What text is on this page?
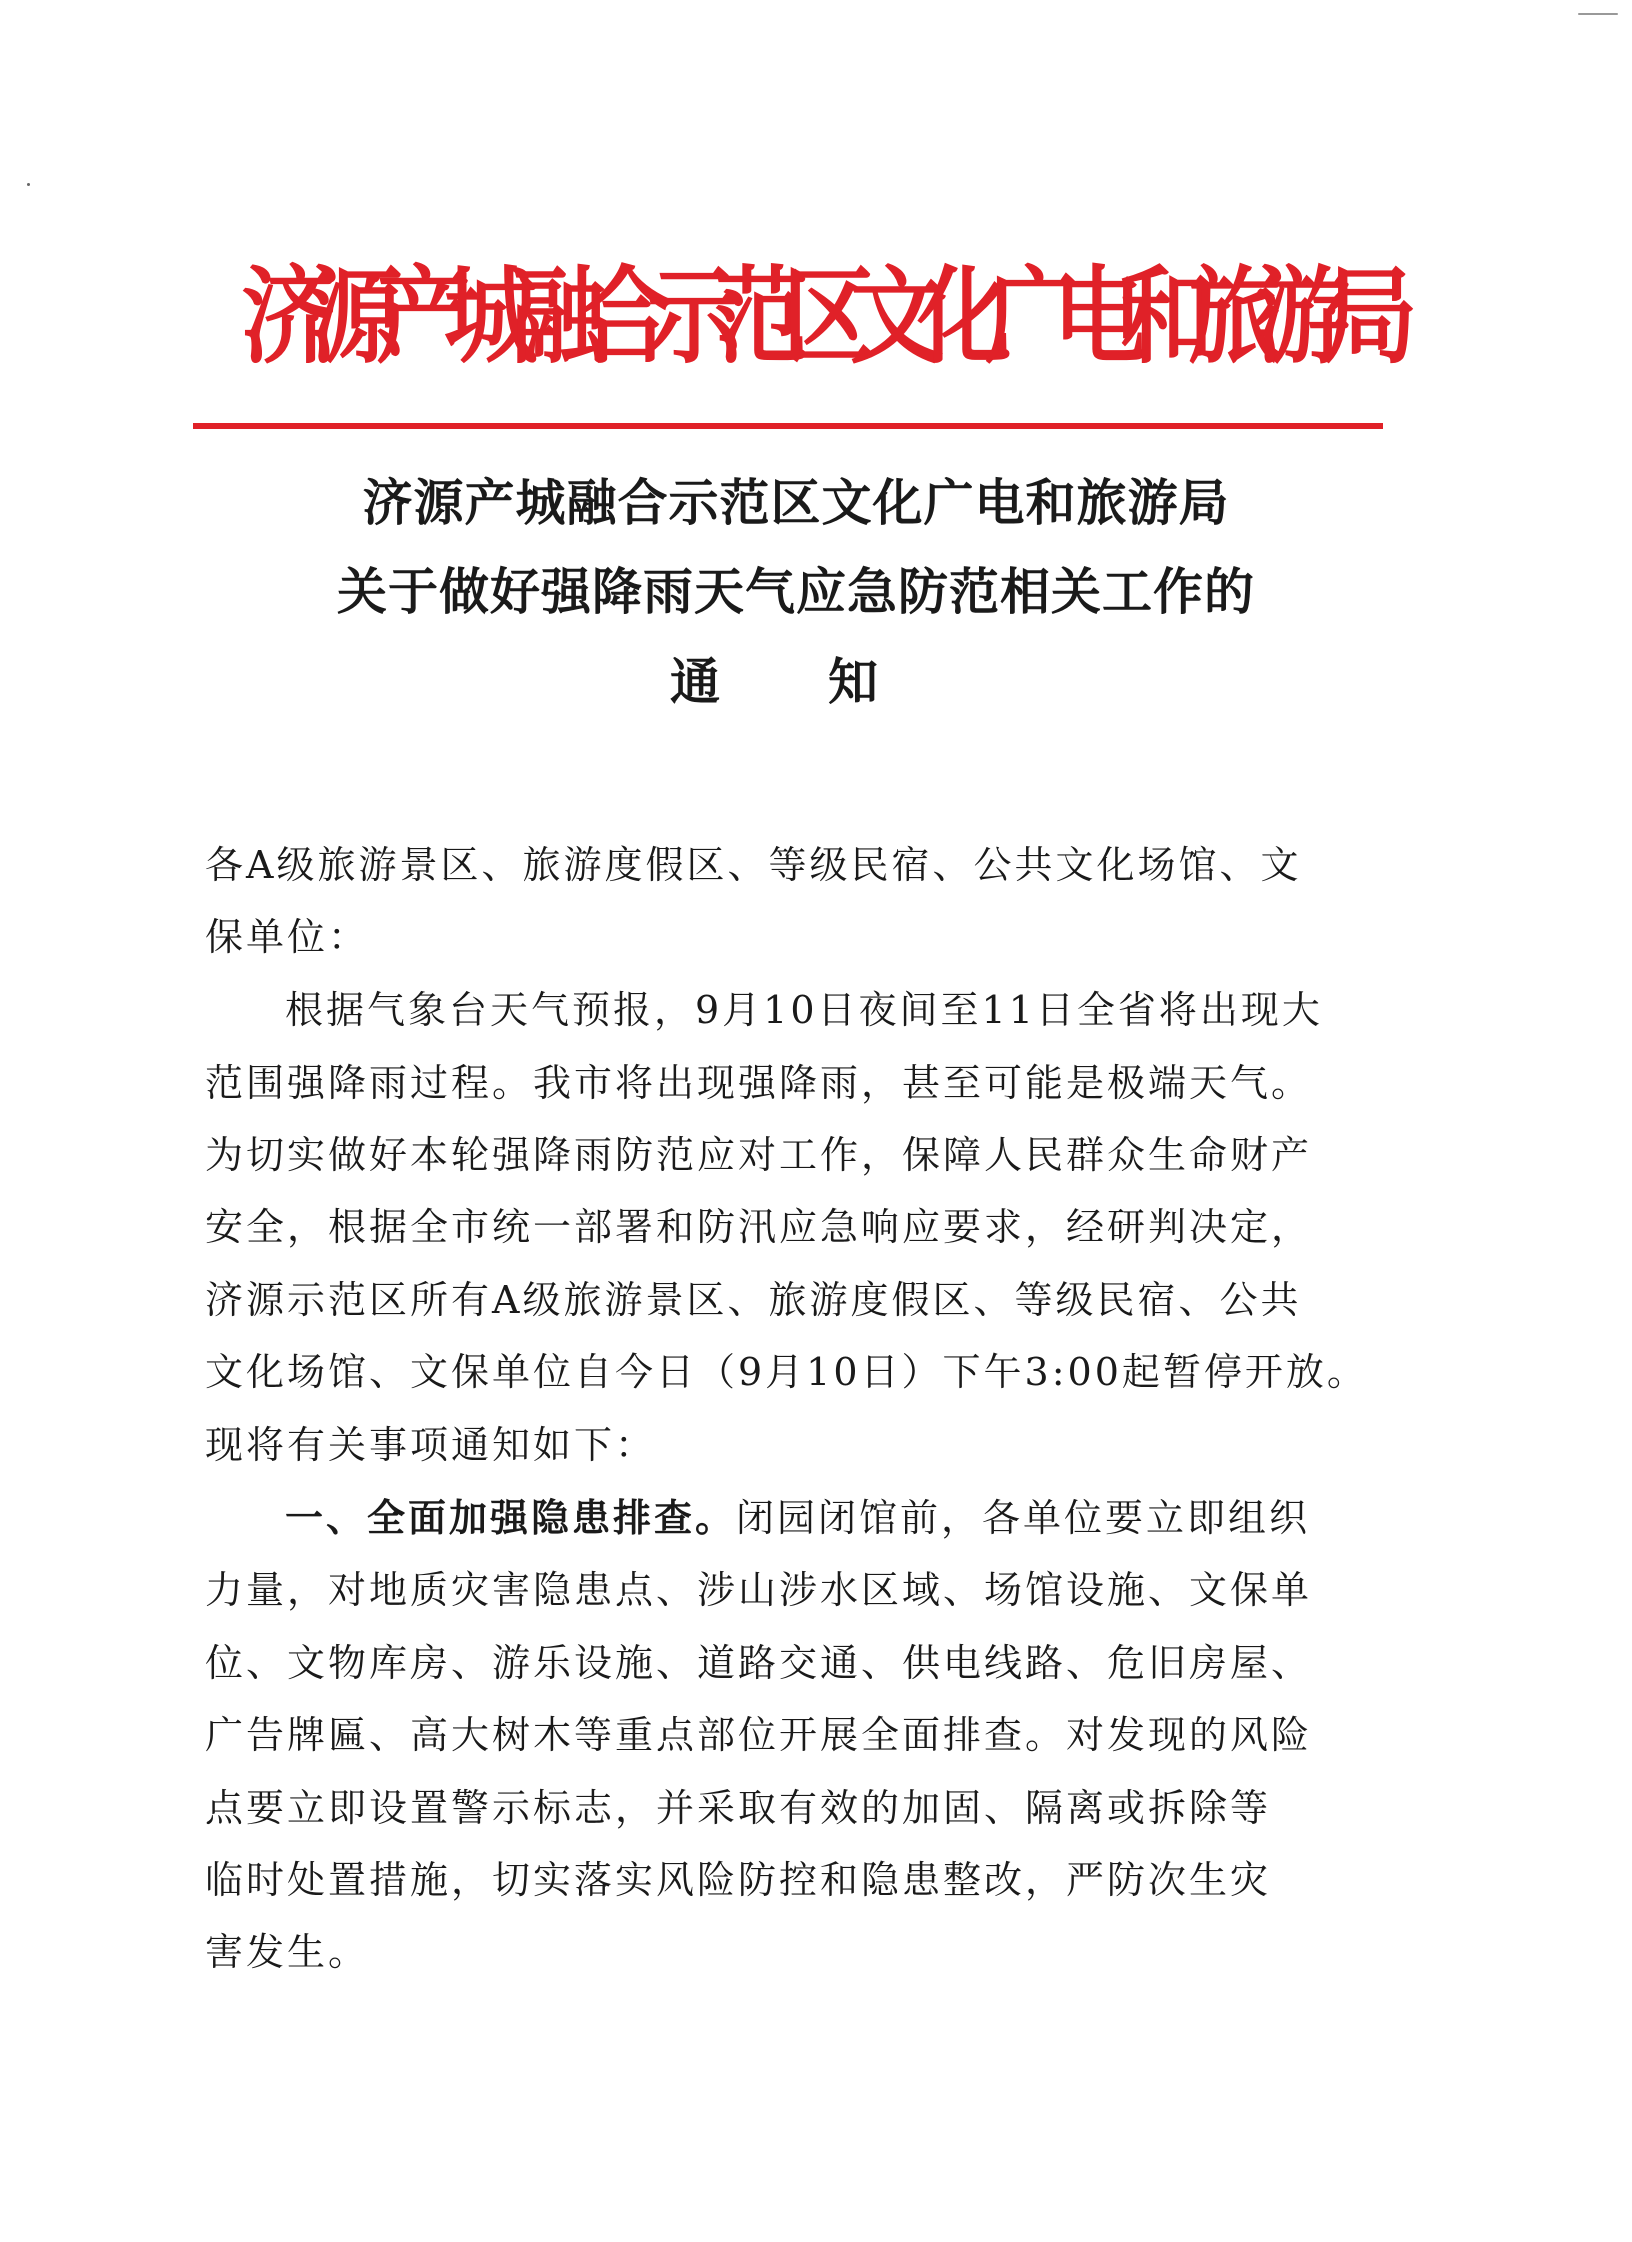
济源产城融合示范区文化广电和旅游局
济源产城融合示范区文化广电和旅游局
关于做好强降雨天气应急防范相关工作的
通 知
各A级旅游景区、旅游度假区、等级民宿、公共文化场馆、文
保单位：
根据气象台天气预报，9月10日夜间至11日全省将出现大
范围强降雨过程。我市将出现强降雨，甚至可能是极端天气。
为切实做好本轮强降雨防范应对工作，保障人民群众生命财产
安全，根据全市统一部署和防汛应急响应要求，经研判决定，
济源示范区所有A级旅游景区、旅游度假区、等级民宿、公共
文化场馆、文保单位自今日（9月10日）下午3:00起暂停开放。
现将有关事项通知如下：
一、全面加强隐患排查。闭园闭馆前，各单位要立即组织
力量，对地质灾害隐患点、涉山涉水区域、场馆设施、文保单
位、文物库房、游乐设施、道路交通、供电线路、危旧房屋、
广告牌匾、高大树木等重点部位开展全面排查。对发现的风险
点要立即设置警示标志，并采取有效的加固、隔离或拆除等
临时处置措施，切实落实风险防控和隐患整改，严防次生灾
害发生。
